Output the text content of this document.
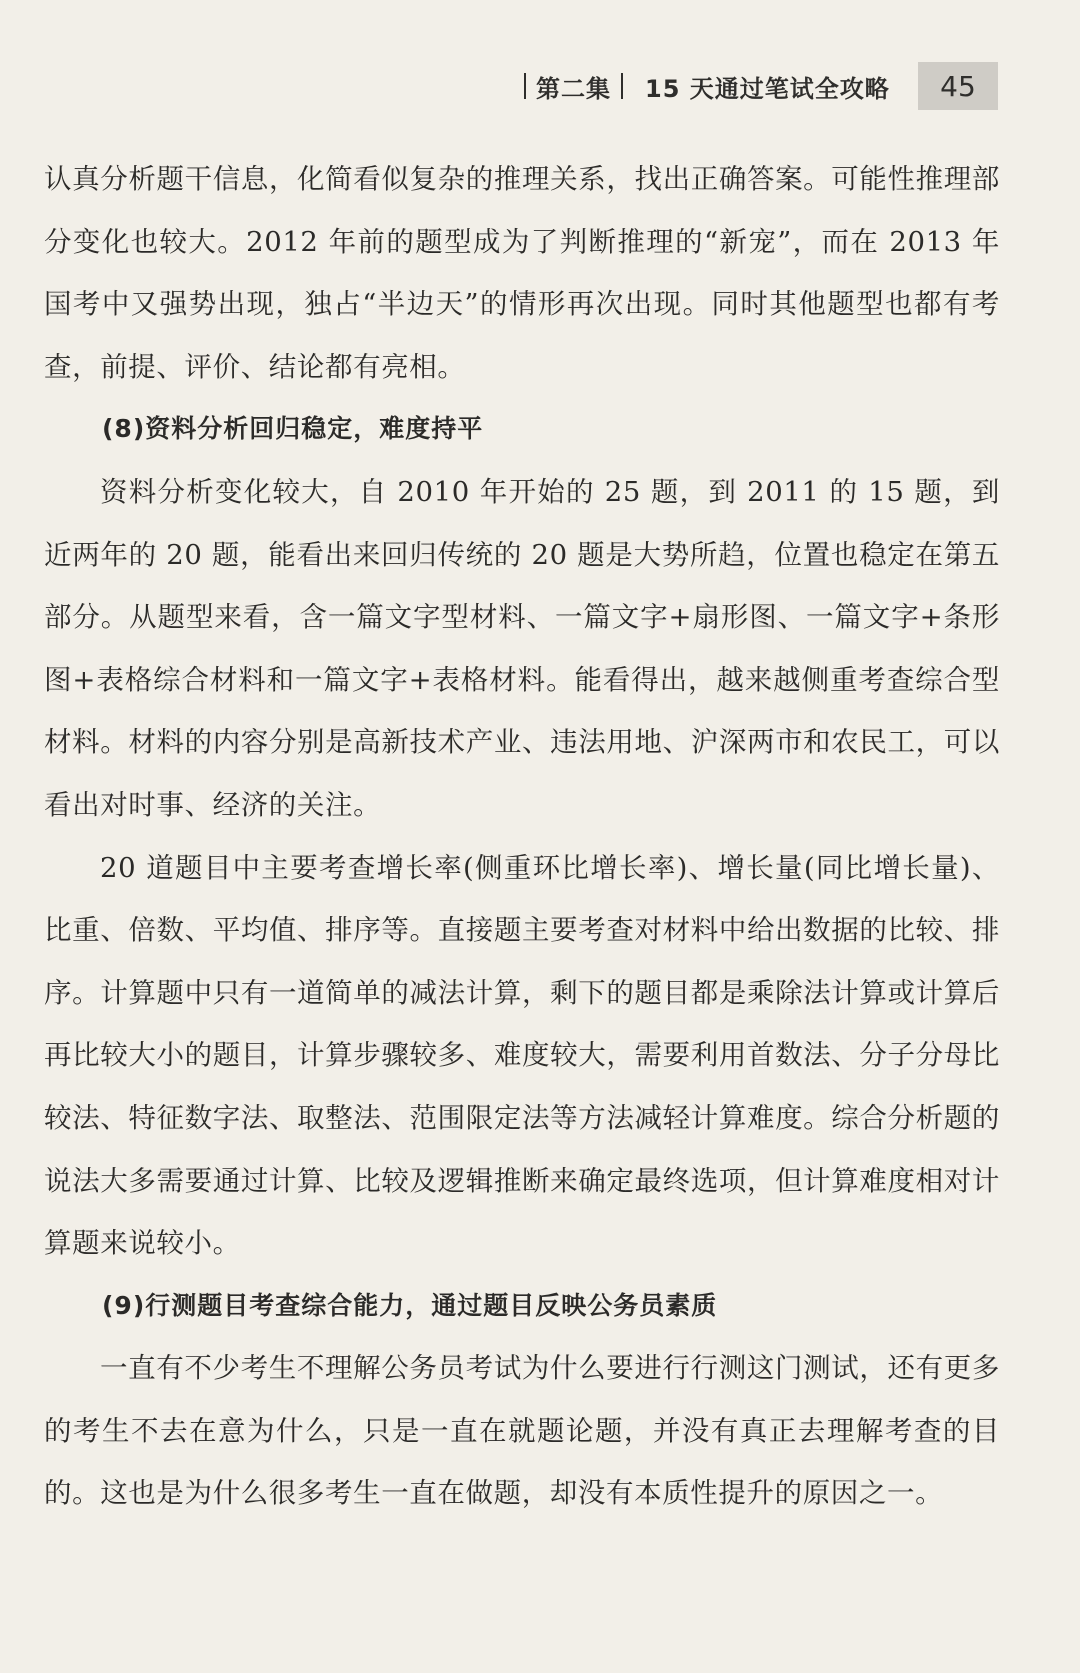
第二集 15 天通过笔试全攻略	45

认真分析题干信息，化简看似复杂的推理关系，找出正确答案。可能性推理部分变化也较大。2012 年前的题型成为了判断推理的“新宠”，而在 2013 年国考中又强势出现，独占“半边天”的情形再次出现。同时其他题型也都有考查，前提、评价、结论都有亮相。

(8)资料分析回归稳定，难度持平

资料分析变化较大，自 2010 年开始的 25 题，到 2011 的 15 题，到近两年的 20 题，能看出来回归传统的 20 题是大势所趋，位置也稳定在第五部分。从题型来看，含一篇文字型材料、一篇文字+扇形图、一篇文字+条形图+表格综合材料和一篇文字+表格材料。能看得出，越来越侧重考查综合型材料。材料的内容分别是高新技术产业、违法用地、沪深两市和农民工，可以看出对时事、经济的关注。

20 道题目中主要考查增长率(侧重环比增长率)、增长量(同比增长量)、比重、倍数、平均值、排序等。直接题主要考查对材料中给出数据的比较、排序。计算题中只有一道简单的减法计算，剩下的题目都是乘除法计算或计算后再比较大小的题目，计算步骤较多、难度较大，需要利用首数法、分子分母比较法、特征数字法、取整法、范围限定法等方法减轻计算难度。综合分析题的说法大多需要通过计算、比较及逻辑推断来确定最终选项，但计算难度相对计算题来说较小。

(9)行测题目考查综合能力，通过题目反映公务员素质

一直有不少考生不理解公务员考试为什么要进行行测这门测试，还有更多的考生不去在意为什么，只是一直在就题论题，并没有真正去理解考查的目的。这也是为什么很多考生一直在做题，却没有本质性提升的原因之一。
